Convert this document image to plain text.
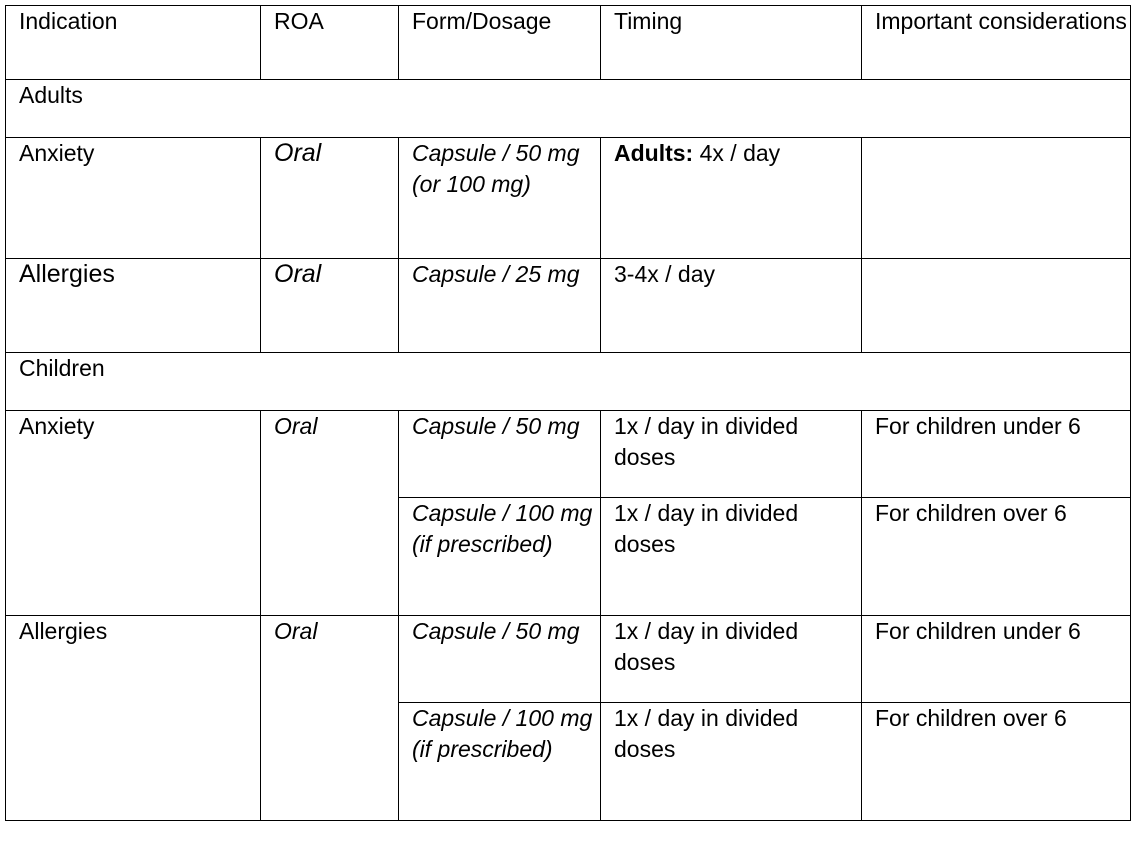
Indication	ROA	Form/Dosage	Timing	Important considerations
Adults				
Anxiety	Oral	Capsule / 50 mg (or 100 mg)	Adults: 4x / day	
Allergies	Oral	Capsule / 25 mg	3-4x / day	
Children				
Anxiety	Oral	Capsule / 50 mg	1x / day in divided doses	For children under 6
		Capsule / 100 mg (if prescribed)	1x / day in divided doses	For children over 6
Allergies	Oral	Capsule / 50 mg	1x / day in divided doses	For children under 6
		Capsule / 100 mg (if prescribed)	1x / day in divided doses	For children over 6
